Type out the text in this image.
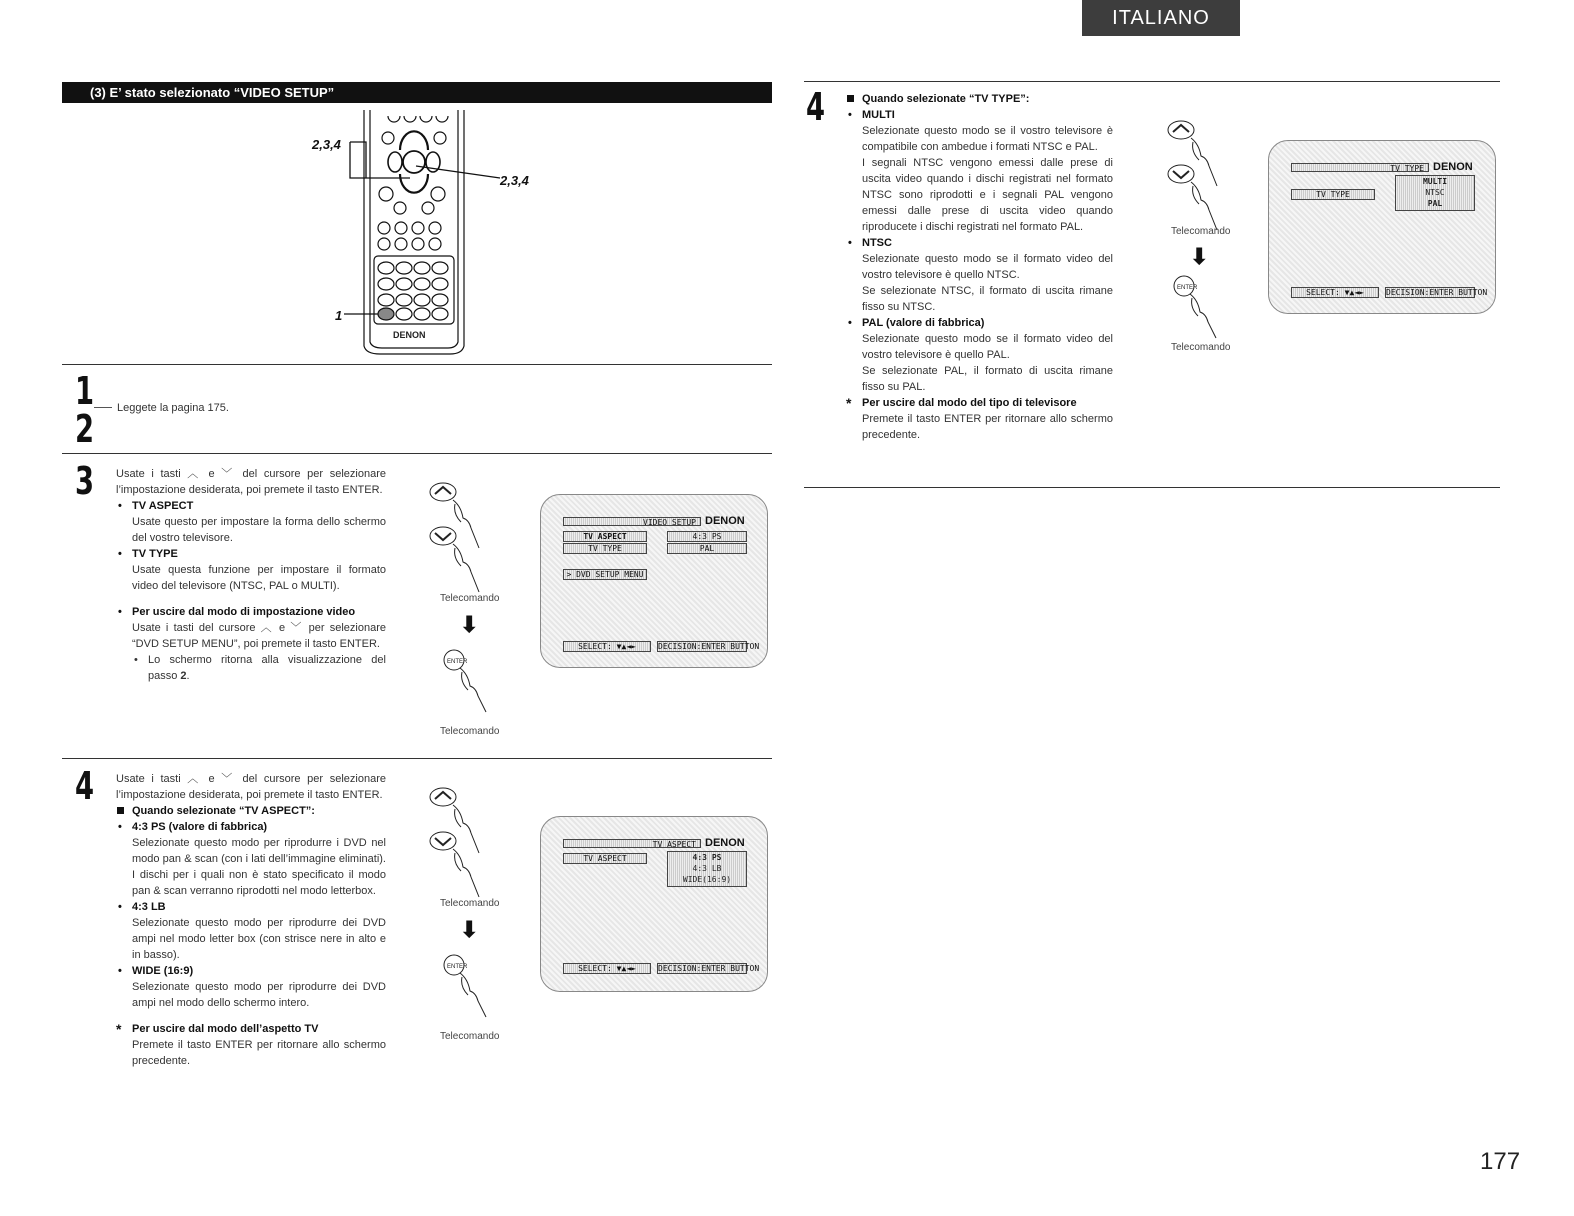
ITALIANO
(3) E’ stato selezionato “VIDEO SETUP”
2,3,4
2,3,4
1
DENON
1
2 Leggete la pagina 175.
3 Usate i tasti ︿ e ﹀ del cursore per selezionare l’impostazione desiderata, poi premete il tasto ENTER.

• TV ASPECT

Usate questo per impostare la forma dello schermo del vostro televisore.

• TV TYPE

Usate questa funzione per impostare il formato video del televisore (NTSC, PAL o MULTI).

• Per uscire dal modo di impostazione video

Usate i tasti del cursore ︿ e ﹀ per selezionare “DVD SETUP MENU”, poi premete il tasto ENTER.

• Lo schermo ritorna alla visualizzazione del passo 2.

Telecomando
⬇
ENTER
Telecomando
VIDEO SETUP DENON
TV ASPECT	4:3 PS
TV TYPE	PAL
> DVD SETUP MENU
SELECT: ▼▲◄►	DECISION:ENTER BUTTON
4 Usate i tasti ︿ e ﹀ del cursore per selezionare l’impostazione desiderata, poi premete il tasto ENTER.

Quando selezionate “TV ASPECT”:

• 4:3 PS (valore di fabbrica)

Selezionate questo modo per riprodurre i DVD nel modo pan & scan (con i lati dell’immagine eliminati). I dischi per i quali non è stato specificato il modo pan & scan verranno riprodotti nel modo letterbox.

• 4:3 LB

Selezionate questo modo per riprodurre dei DVD ampi nel modo letter box (con strisce nere in alto e in basso).

• WIDE (16:9)

Selezionate questo modo per riprodurre dei DVD ampi nel modo dello schermo intero.

* Per uscire dal modo dell’aspetto TV

Premete il tasto ENTER per ritornare allo schermo precedente.

Telecomando
⬇
ENTER
Telecomando
TV ASPECT DENON
TV ASPECT	4:3 PS
4:3 LB
WIDE(16:9)
SELECT: ▼▲◄►	DECISION:ENTER BUTTON
4	Quando selezionate “TV TYPE”:

• MULTI

Selezionate questo modo se il vostro televisore è compatibile con ambedue i formati NTSC e PAL.

I segnali NTSC vengono emessi dalle prese di uscita video quando i dischi registrati nel formato NTSC sono riprodotti e i segnali PAL vengono emessi dalle prese di uscita video quando riproducete i dischi registrati nel formato PAL.

• NTSC

Selezionate questo modo se il formato video del vostro televisore è quello NTSC.

Se selezionate NTSC, il formato di uscita rimane fisso su NTSC.

• PAL (valore di fabbrica)

Selezionate questo modo se il formato video del vostro televisore è quello PAL.

Se selezionate PAL, il formato di uscita rimane fisso su PAL.

* Per uscire dal modo del tipo di televisore

Premete il tasto ENTER per ritornare allo schermo precedente.

Telecomando
⬇
ENTER
Telecomando
TV TYPE DENON
TV TYPE
MULTI
NTSC
PAL
SELECT: ▼▲◄►	DECISION:ENTER BUTTON
177
